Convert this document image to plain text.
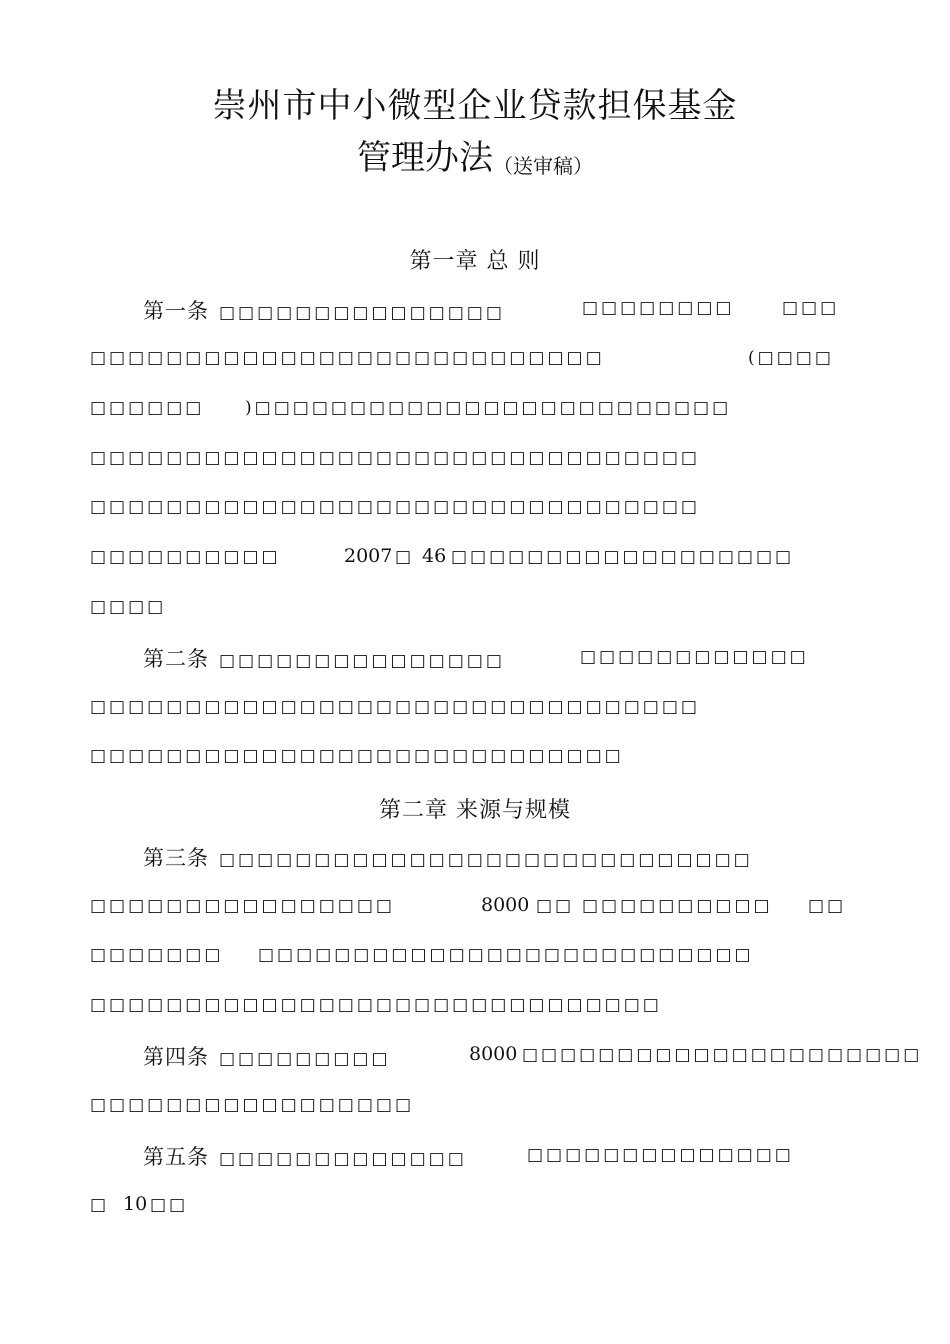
崇州市中小微型企业贷款担保基金
管理办法（送审稿）
第一章 总 则
第一条 □□□□□□□□□□□□□□□	□□□□□□□□	□□□
□□□□□□□□□□□□□□□□□□□□□□□□□□□	(□□□□
□□□□□□ )□□□□□□□□□□□□□□□□□□□□□□□□□
□□□□□□□□□□□□□□□□□□□□□□□□□□□□□□□□
□□□□□□□□□□□□□□□□□□□□□□□□□□□□□□□□
□□□□□□□□□□	2007 □ 46 □□□□□□□□□□□□□□□□□□
□□□□
第二条 □□□□□□□□□□□□□□□	□□□□□□□□□□□□
□□□□□□□□□□□□□□□□□□□□□□□□□□□□□□□□
□□□□□□□□□□□□□□□□□□□□□□□□□□□□
第二章 来源与规模
第三条 □□□□□□□□□□□□□□□□□□□□□□□□□□□□
□□□□□□□□□□□□□□□□	8000 □□ □□□□□□□□□□ □□
□□□□□□□ □□□□□□□□□□□□□□□□□□□□□□□□□□
□□□□□□□□□□□□□□□□□□□□□□□□□□□□□□
第四条 □□□□□□□□□	8000 □□□□□□□□□□□□□□□□□□□□□
□□□□□□□□□□□□□□□□□
第五条 □□□□□□□□□□□□□	□□□□□□□□□□□□□□
□ 10 □□
